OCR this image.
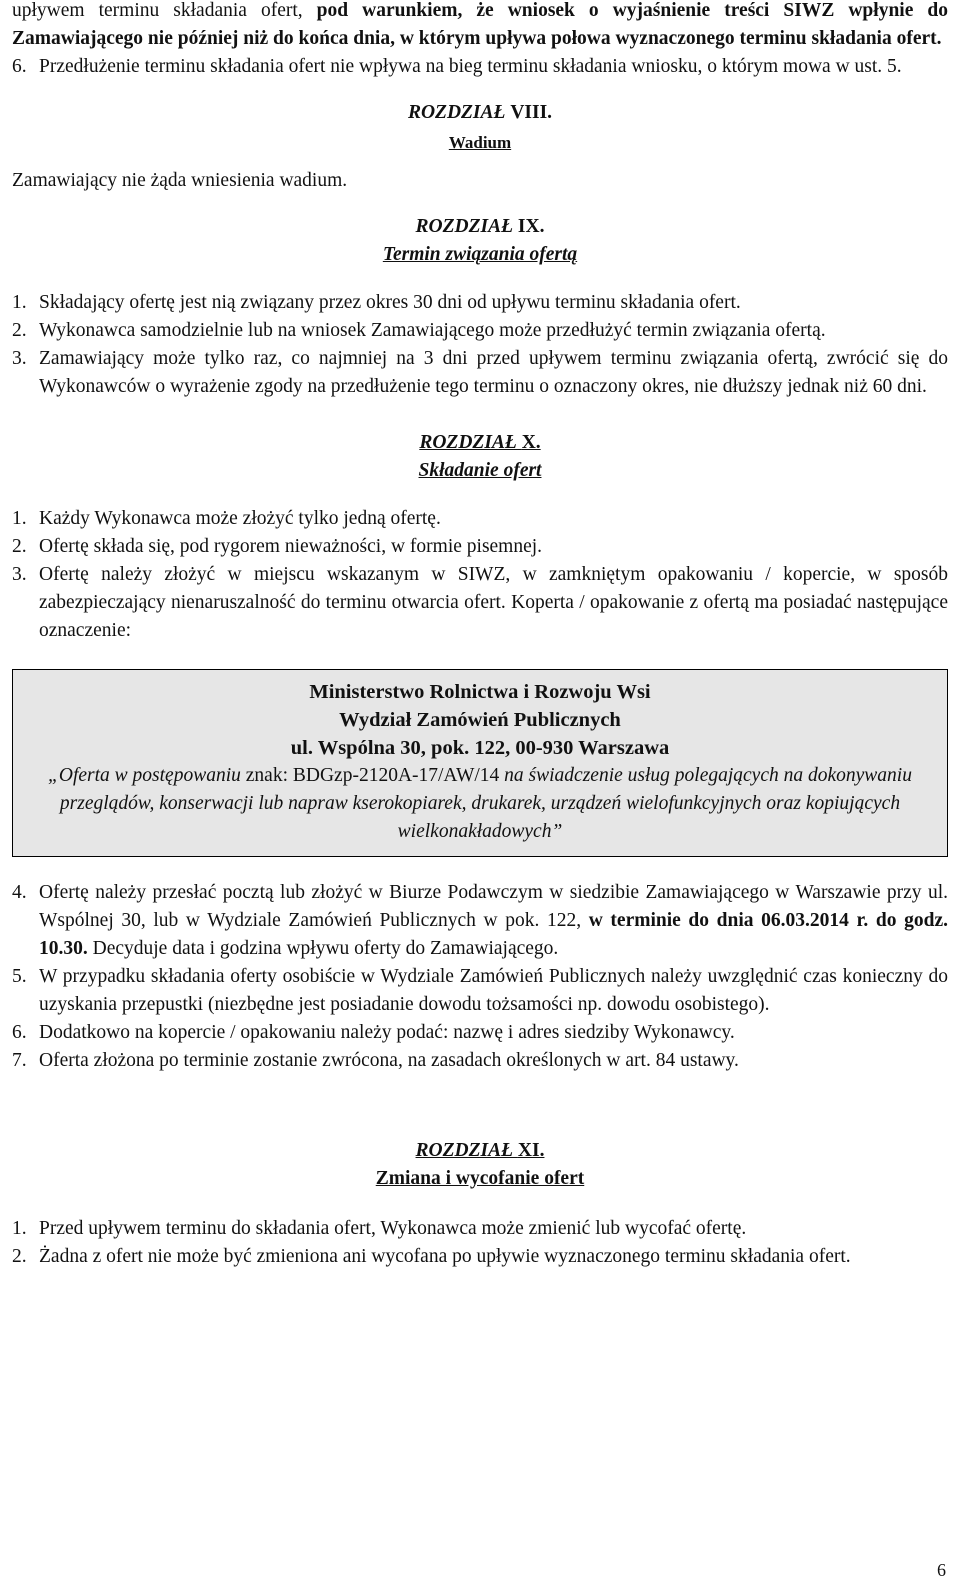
upływem terminu składania ofert, pod warunkiem, że wniosek o wyjaśnienie treści SIWZ wpłynie do Zamawiającego nie później niż do końca dnia, w którym upływa połowa wyznaczonego terminu składania ofert.

6. Przedłużenie terminu składania ofert nie wpływa na bieg terminu składania wniosku, o którym mowa w ust. 5.
ROZDZIAŁ VIII.
Wadium

Zamawiający nie żąda wniesienia wadium.

ROZDZIAŁ IX.
Termin związania ofertą
1. Składający ofertę jest nią związany przez okres 30 dni od upływu terminu składania ofert.
2. Wykonawca samodzielnie lub na wniosek Zamawiającego może przedłużyć termin związania ofertą.
3. Zamawiający może tylko raz, co najmniej na 3 dni przed upływem terminu związania ofertą, zwrócić się do Wykonawców o wyrażenie zgody na przedłużenie tego terminu o oznaczony okres, nie dłuższy jednak niż 60 dni.
ROZDZIAŁ X.
Składanie ofert
1. Każdy Wykonawca może złożyć tylko jedną ofertę.
2. Ofertę składa się, pod rygorem nieważności, w formie pisemnej.
3. Ofertę należy złożyć w miejscu wskazanym w SIWZ, w zamkniętym opakowaniu / kopercie, w sposób zabezpieczający nienaruszalność do terminu otwarcia ofert. Koperta / opakowanie z ofertą ma posiadać następujące oznaczenie:
Ministerstwo Rolnictwa i Rozwoju Wsi
Wydział Zamówień Publicznych
ul. Wspólna 30, pok. 122, 00-930 Warszawa
„Oferta w postępowaniu znak: BDGzp-2120A-17/AW/14 na świadczenie usług polegających na dokonywaniu przeglądów, konserwacji lub napraw kserokopiarek, drukarek, urządzeń wielofunkcyjnych oraz kopiujących wielkonakładowych”
4. Ofertę należy przesłać pocztą lub złożyć w Biurze Podawczym w siedzibie Zamawiającego w Warszawie przy ul. Wspólnej 30, lub w Wydziale Zamówień Publicznych w pok. 122, w terminie do dnia 06.03.2014 r. do godz. 10.30. Decyduje data i godzina wpływu oferty do Zamawiającego.
5. W przypadku składania oferty osobiście w Wydziale Zamówień Publicznych należy uwzględnić czas konieczny do uzyskania przepustki (niezbędne jest posiadanie dowodu tożsamości np. dowodu osobistego).
6. Dodatkowo na kopercie / opakowaniu należy podać: nazwę i adres siedziby Wykonawcy.
7. Oferta złożona po terminie zostanie zwrócona, na zasadach określonych w art. 84 ustawy.
ROZDZIAŁ XI.
Zmiana i wycofanie ofert
1. Przed upływem terminu do składania ofert, Wykonawca może zmienić lub wycofać ofertę.
2. Żadna z ofert nie może być zmieniona ani wycofana po upływie wyznaczonego terminu składania ofert.
6
